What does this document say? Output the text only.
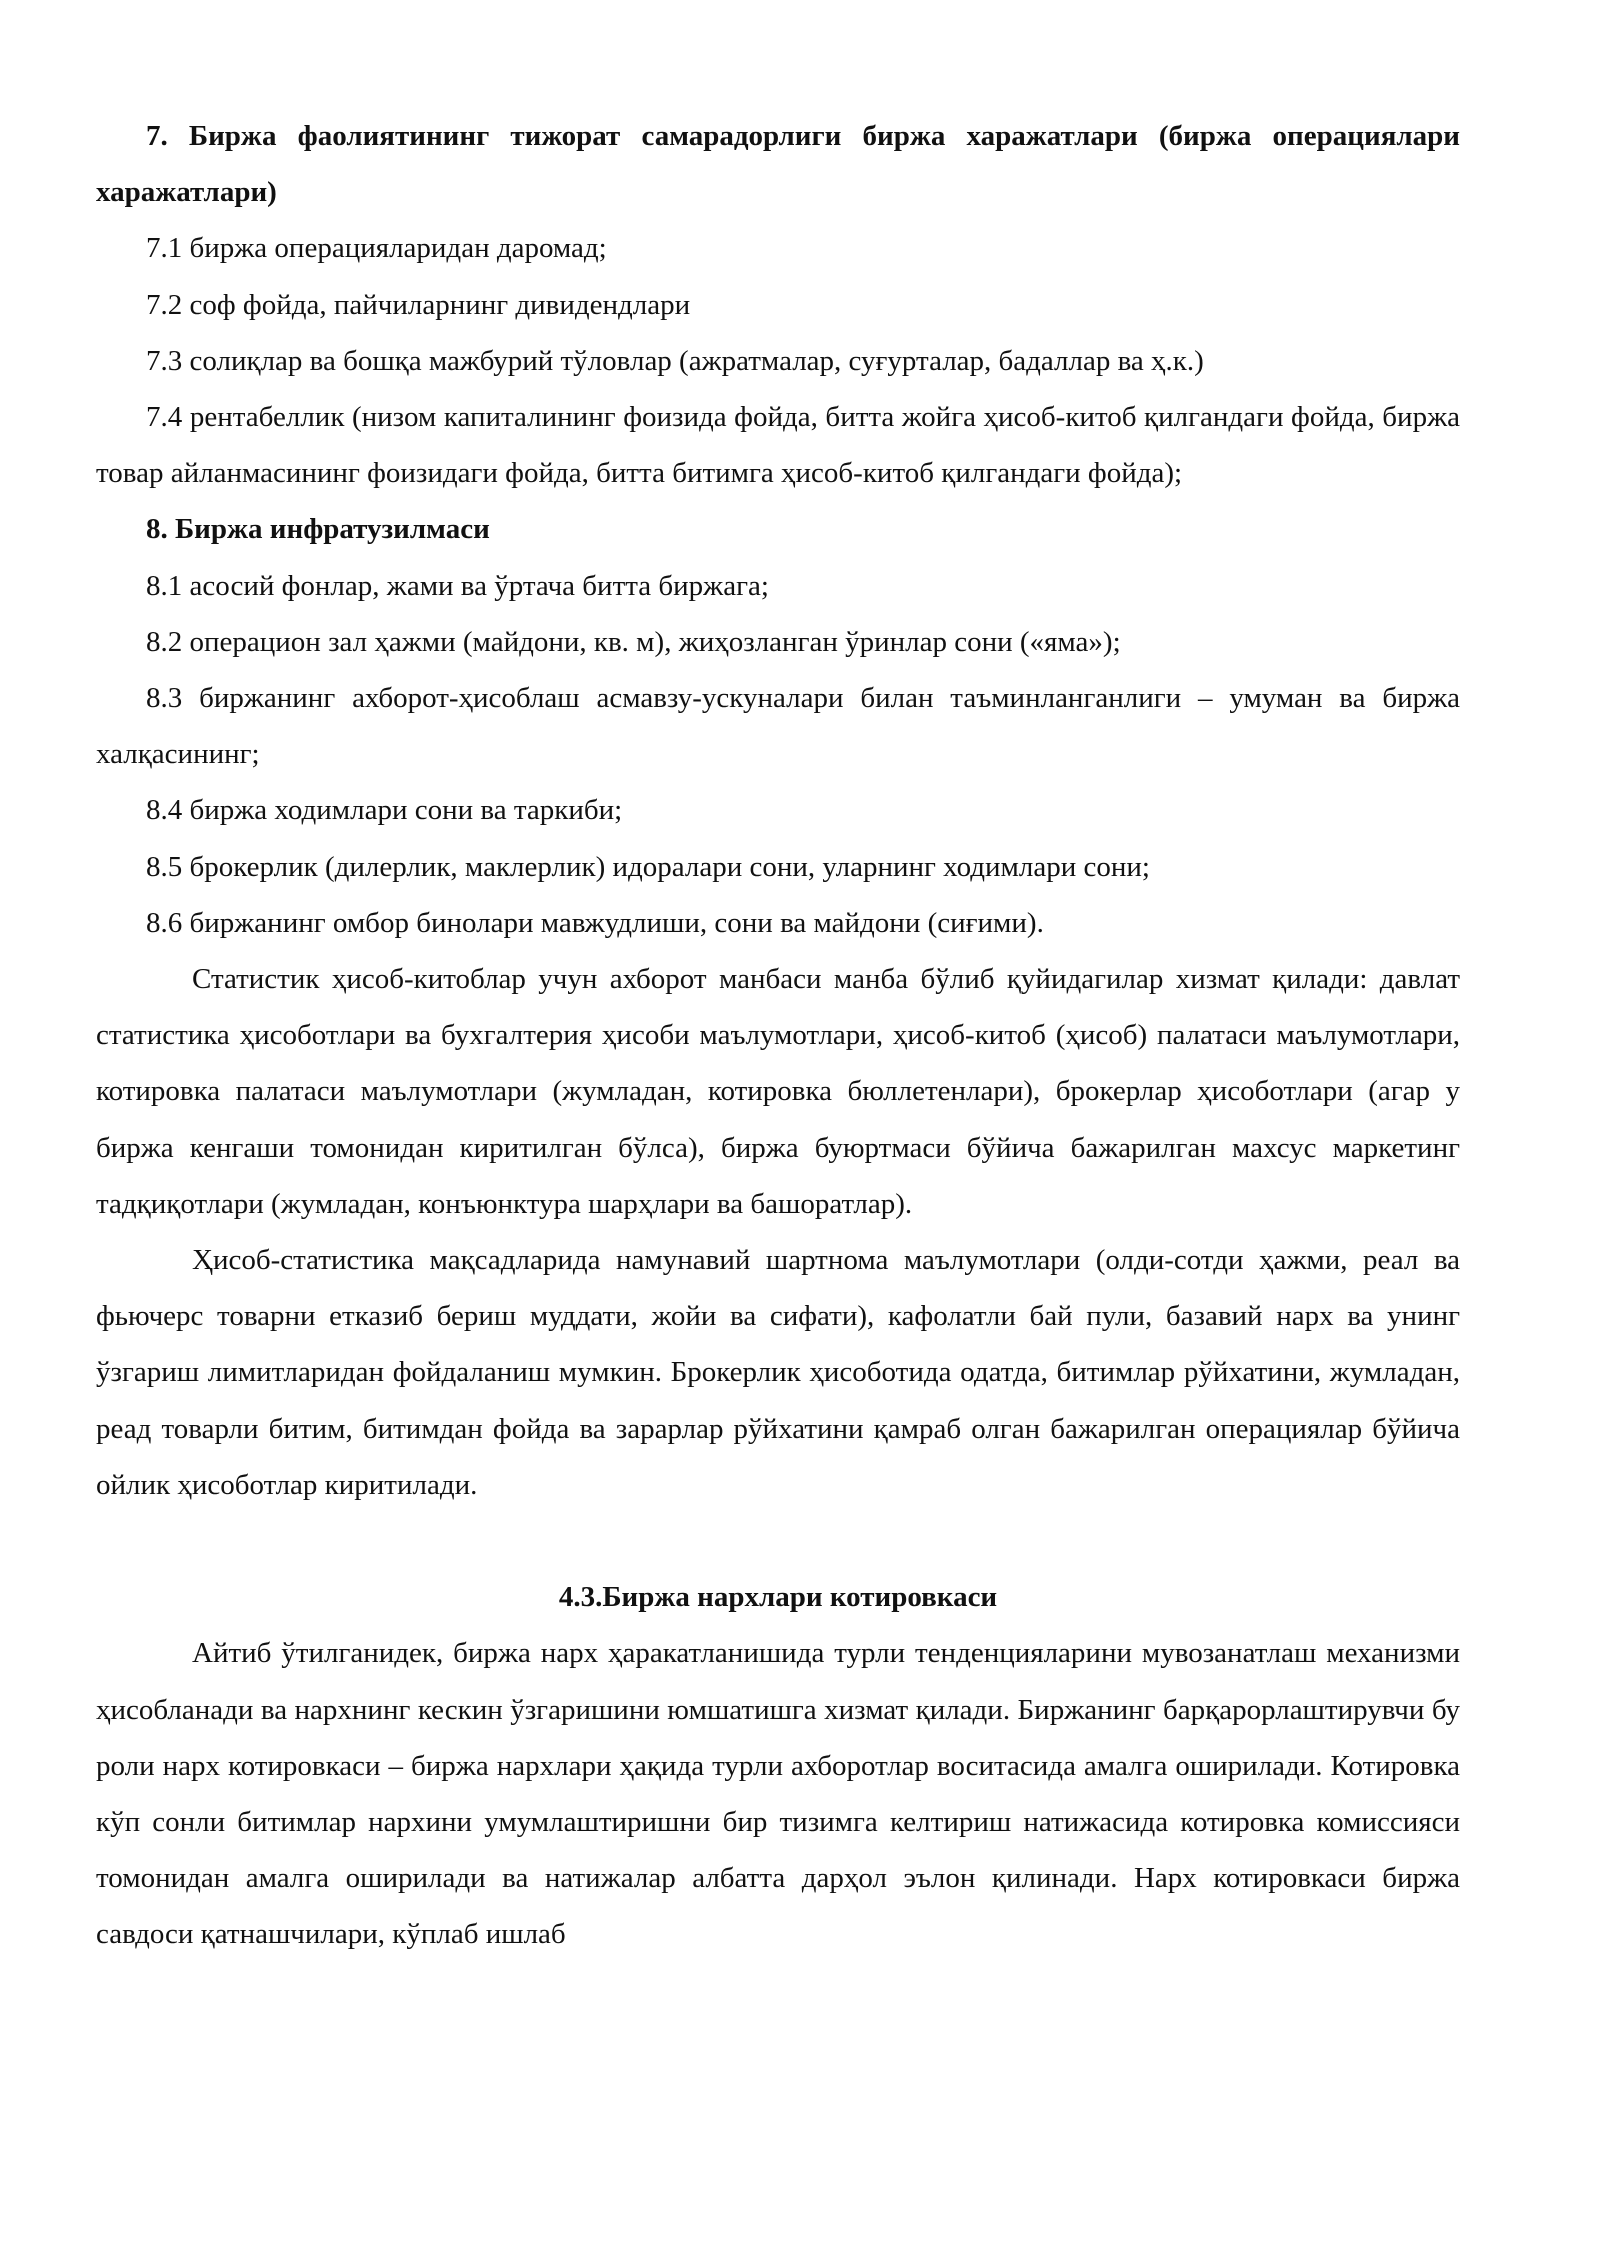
7. Биржа фаолиятининг тижорат самарадорлиги биржа харажатлари (биржа операциялари харажатлари)

7.1 биржа операцияларидан даромад;

7.2 соф фойда, пайчиларнинг дивидендлари

7.3 солиқлар ва бошқа мажбурий тўловлар (ажратмалар, суғурталар, бадаллар ва ҳ.к.)

7.4 рентабеллик (низом капиталининг фоизида фойда, битта жойга ҳисоб-китоб қилгандаги фойда, биржа товар айланмасининг фоизидаги фойда, битта битимга ҳисоб-китоб қилгандаги фойда);

8. Биржа инфратузилмаси

8.1 асосий фонлар, жами ва ўртача битта биржага;

8.2 операцион зал ҳажми (майдони, кв. м), жиҳозланган ўринлар сони («яма»);

8.3 биржанинг ахборот-ҳисоблаш асмавзу-ускуналари билан таъминланганлиги – умуман ва биржа халқасининг;

8.4 биржа ходимлари сони ва таркиби;

8.5 брокерлик (дилерлик, маклерлик) идоралари сони, уларнинг ходимлари сони;

8.6 биржанинг омбор бинолари мавжудлиши, сони ва майдони (сиғими).

Статистик ҳисоб-китоблар учун ахборот манбаси манба бўлиб қуйидагилар хизмат қилади: давлат статистика ҳисоботлари ва бухгалтерия ҳисоби маълумотлари, ҳисоб-китоб (ҳисоб) палатаси маълумотлари, котировка палатаси маълумотлари (жумладан, котировка бюллетенлари), брокерлар ҳисоботлари (агар у биржа кенгаши томонидан киритилган бўлса), биржа буюртмаси бўйича бажарилган махсус маркетинг тадқиқотлари (жумладан, конъюнктура шарҳлари ва башоратлар).

Ҳисоб-статистика мақсадларида намунавий шартнома маълумотлари (олди-сотди ҳажми, реал ва фьючерс товарни етказиб бериш муддати, жойи ва сифати), кафолатли бай пули, базавий нарх ва унинг ўзгариш лимитларидан фойдаланиш мумкин. Брокерлик ҳисоботида одатда, битимлар рўйхатини, жумладан, реад товарли битим, битимдан фойда ва зарарлар рўйхатини қамраб олган бажарилган операциялар бўйича ойлик ҳисоботлар киритилади.

4.3.Биржа нархлари котировкаси

Айтиб ўтилганидек, биржа нарх ҳаракатланишида турли тенденцияларини мувозанатлаш механизми ҳисобланади ва нархнинг кескин ўзгаришини юмшатишга хизмат қилади. Биржанинг барқарорлаштирувчи бу роли нарх котировкаси – биржа нархлари ҳақида турли ахборотлар воситасида амалга оширилади. Котировка кўп сонли битимлар нархини умумлаштиришни бир тизимга келтириш натижасида котировка комиссияси томонидан амалга оширилади ва натижалар албатта дарҳол эълон қилинади. Нарх котировкаси биржа савдоси қатнашчилари, кўплаб ишлаб
